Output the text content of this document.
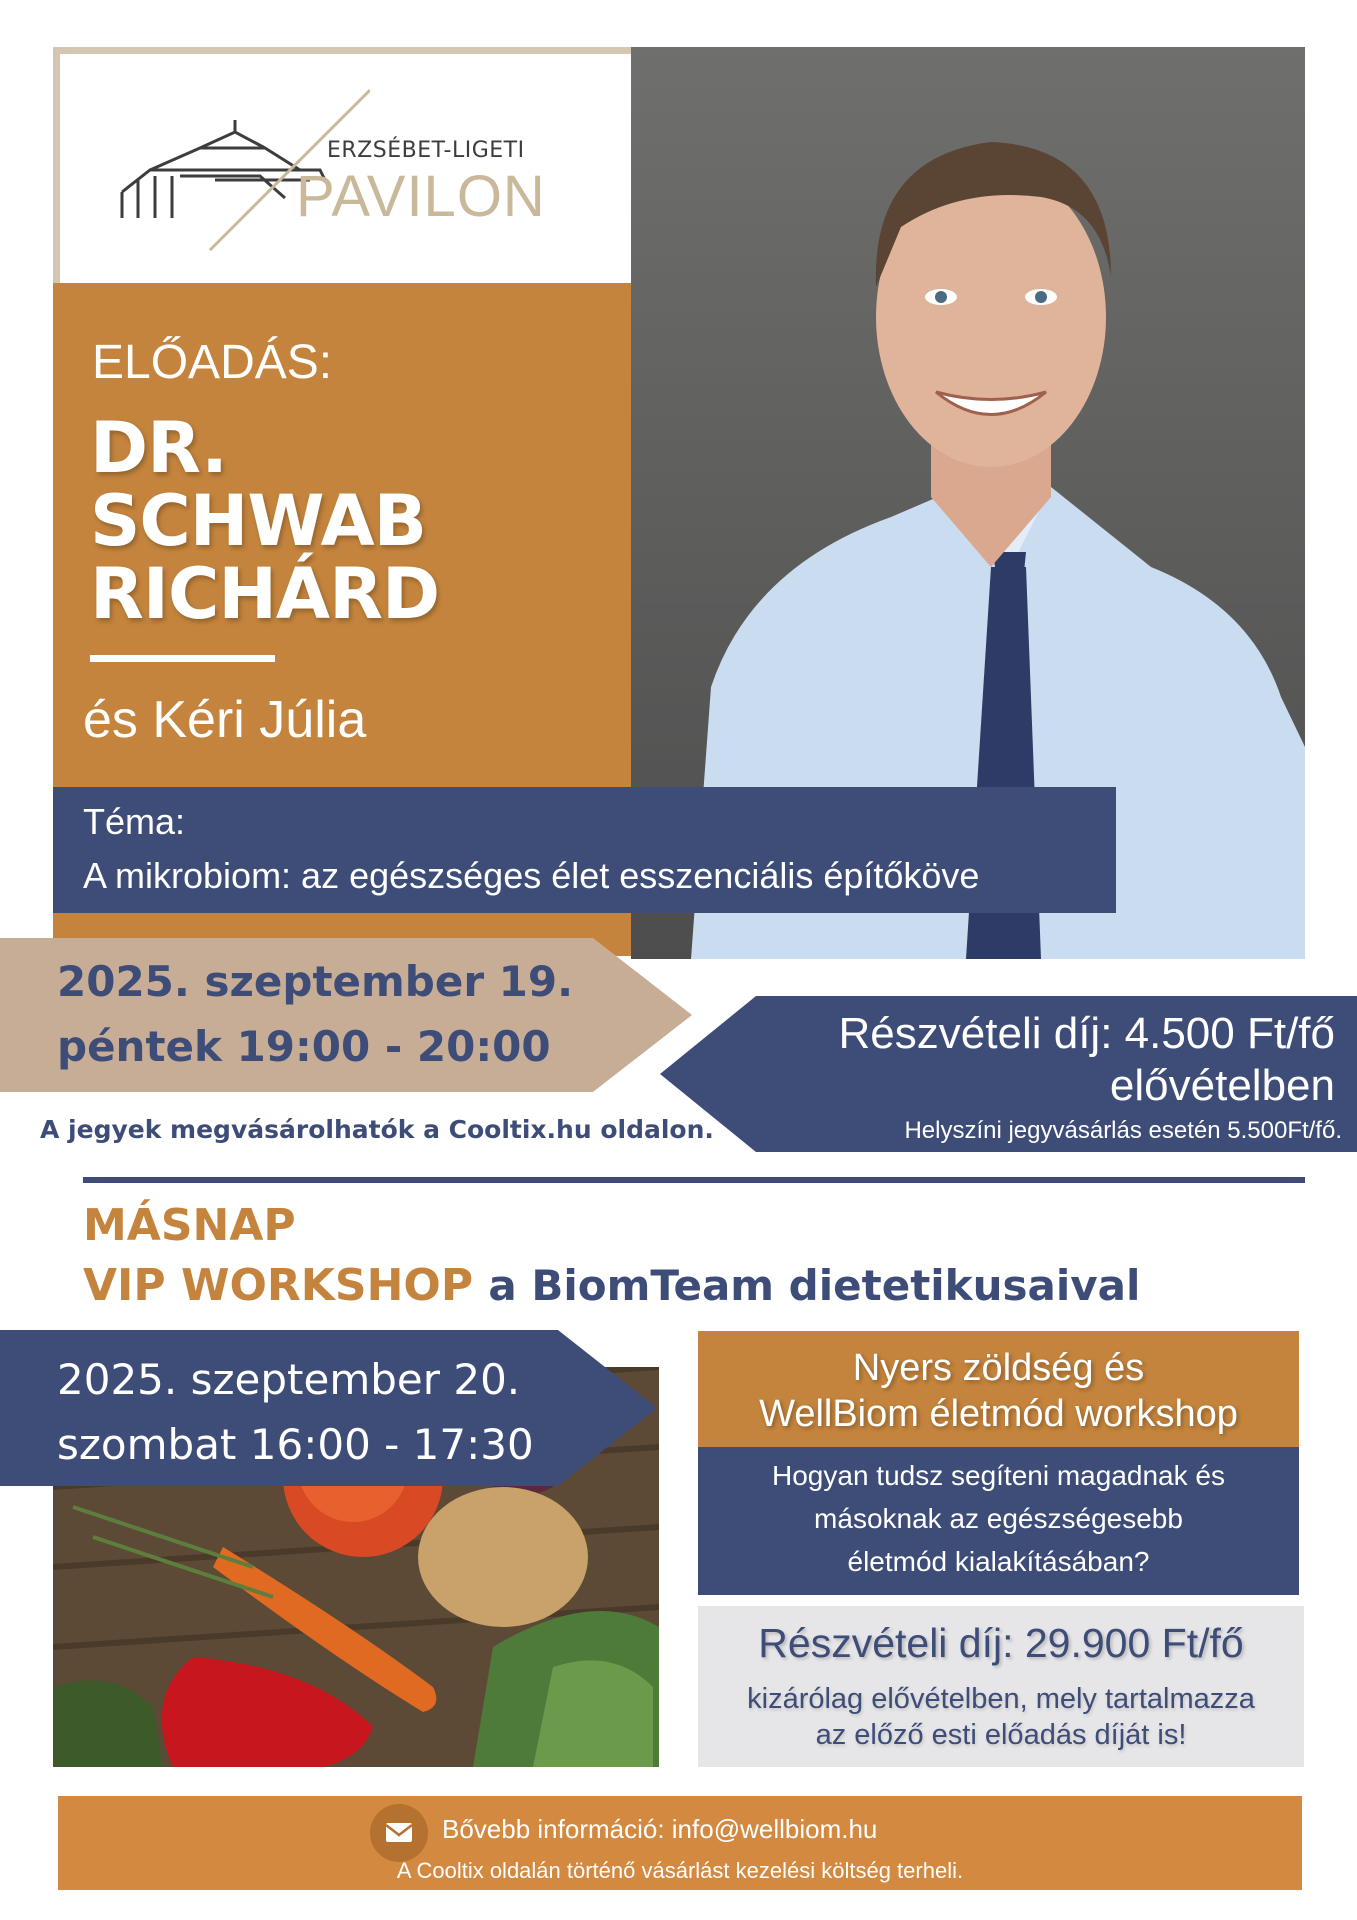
ERZSÉBET-LIGETI
PAVILON
ELŐADÁS:
DR.
SCHWAB
RICHÁRD
és Kéri Júlia
Téma:
A mikrobiom: az egészséges élet esszenciális építőköve
2025. szeptember 19.
péntek 19:00 - 20:00	Részvételi díj: 4.500 Ft/fő
elővételben
Helyszíni jegyvásárlás esetén 5.500Ft/fő.
A jegyek megvásárolhatók a Cooltix.hu oldalon.
MÁSNAP
VIP WORKSHOP a BiomTeam dietetikusaival
2025. szeptember 20.
szombat 16:00 - 17:30
Nyers zöldség és
WellBiom életmód workshop
Hogyan tudsz segíteni magadnak és
másoknak az egészségesebb
életmód kialakításában?
Részvételi díj: 29.900 Ft/fő
kizárólag elővételben, mely tartalmazza
az előző esti előadás díját is!
Bővebb információ: info@wellbiom.hu
A Cooltix oldalán történő vásárlást kezelési költség terheli.
